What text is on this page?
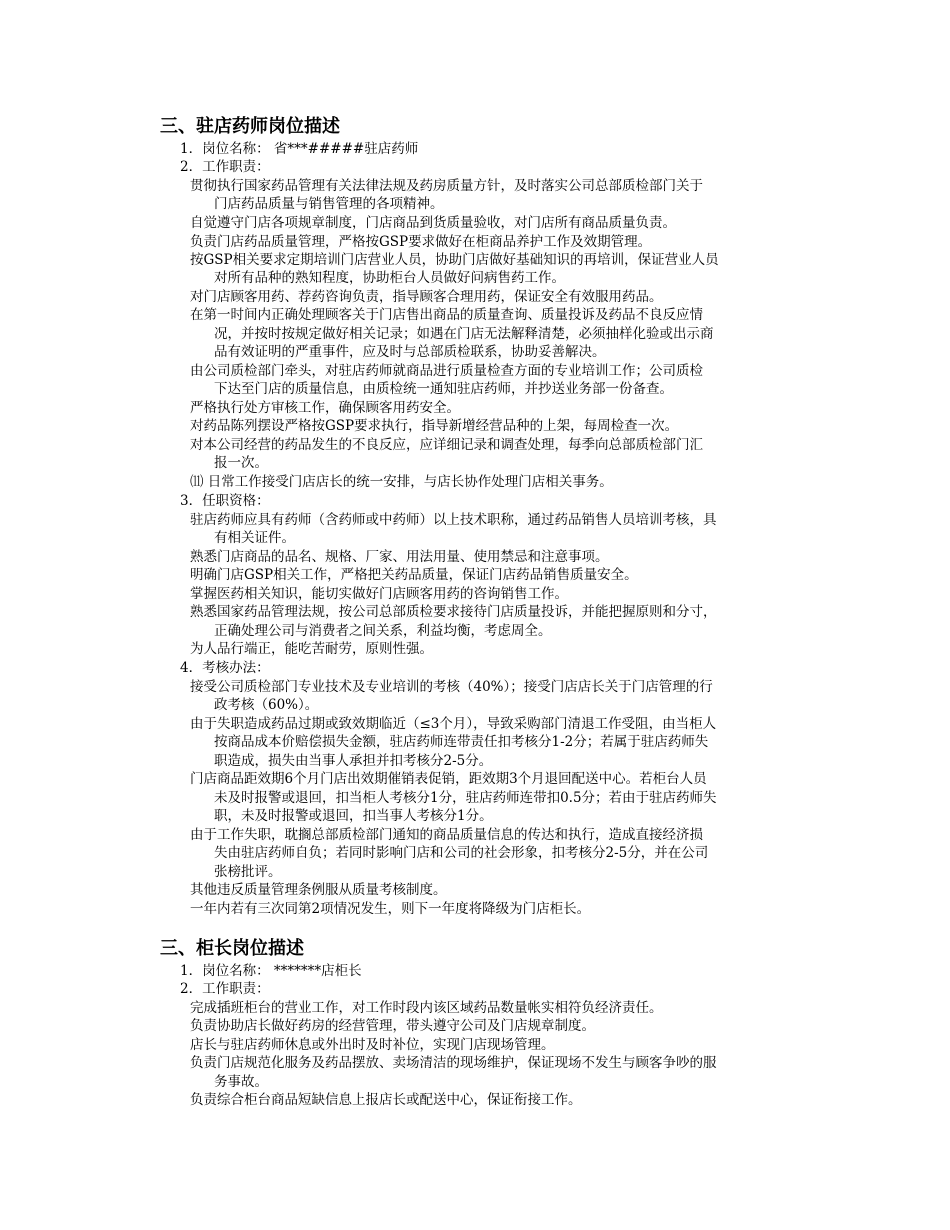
三、驻店药师岗位描述
1．岗位名称： 省***#####驻店药师
2．工作职责：
贯彻执行国家药品管理有关法律法规及药房质量方针，及时落实公司总部质检部门关于
门店药品质量与销售管理的各项精神。
自觉遵守门店各项规章制度，门店商品到货质量验收，对门店所有商品质量负责。
负责门店药品质量管理，严格按GSP要求做好在柜商品养护工作及效期管理。
按GSP相关要求定期培训门店营业人员，协助门店做好基础知识的再培训，保证营业人员
对所有品种的熟知程度，协助柜台人员做好问病售药工作。
对门店顾客用药、荐药咨询负责，指导顾客合理用药，保证安全有效服用药品。
在第一时间内正确处理顾客关于门店售出商品的质量查询、质量投诉及药品不良反应情
况，并按时按规定做好相关记录；如遇在门店无法解释清楚，必须抽样化验或出示商
品有效证明的严重事件，应及时与总部质检联系，协助妥善解决。
由公司质检部门牵头，对驻店药师就商品进行质量检查方面的专业培训工作；公司质检
下达至门店的质量信息，由质检统一通知驻店药师，并抄送业务部一份备查。
严格执行处方审核工作，确保顾客用药安全。
对药品陈列摆设严格按GSP要求执行，指导新增经营品种的上架，每周检查一次。
对本公司经营的药品发生的不良反应，应详细记录和调查处理，每季向总部质检部门汇
报一次。
⑾ 日常工作接受门店店长的统一安排，与店长协作处理门店相关事务。
3．任职资格：
驻店药师应具有药师（含药师或中药师）以上技术职称，通过药品销售人员培训考核，具
有相关证件。
熟悉门店商品的品名、规格、厂家、用法用量、使用禁忌和注意事项。
明确门店GSP相关工作，严格把关药品质量，保证门店药品销售质量安全。
掌握医药相关知识，能切实做好门店顾客用药的咨询销售工作。
熟悉国家药品管理法规，按公司总部质检要求接待门店质量投诉，并能把握原则和分寸，
正确处理公司与消费者之间关系，利益均衡，考虑周全。
为人品行端正，能吃苦耐劳，原则性强。
4．考核办法：
接受公司质检部门专业技术及专业培训的考核（40%）；接受门店店长关于门店管理的行
政考核（60%）。
由于失职造成药品过期或致效期临近（≤3个月），导致采购部门清退工作受阻，由当柜人
按商品成本价赔偿损失金额，驻店药师连带责任扣考核分1-2分；若属于驻店药师失
职造成，损失由当事人承担并扣考核分2-5分。
门店商品距效期6个月门店出效期催销表促销，距效期3个月退回配送中心。若柜台人员
未及时报警或退回，扣当柜人考核分1分，驻店药师连带扣0.5分；若由于驻店药师失
职，未及时报警或退回，扣当事人考核分1分。
由于工作失职，耽搁总部质检部门通知的商品质量信息的传达和执行，造成直接经济损
失由驻店药师自负；若同时影响门店和公司的社会形象，扣考核分2-5分，并在公司
张榜批评。
其他违反质量管理条例服从质量考核制度。
一年内若有三次同第2项情况发生，则下一年度将降级为门店柜长。
三、柜长岗位描述
1．岗位名称： *******店柜长
2．工作职责：
完成插班柜台的营业工作，对工作时段内该区域药品数量帐实相符负经济责任。
负责协助店长做好药房的经营管理，带头遵守公司及门店规章制度。
店长与驻店药师休息或外出时及时补位，实现门店现场管理。
负责门店规范化服务及药品摆放、卖场清洁的现场维护，保证现场不发生与顾客争吵的服
务事故。
负责综合柜台商品短缺信息上报店长或配送中心，保证衔接工作。
